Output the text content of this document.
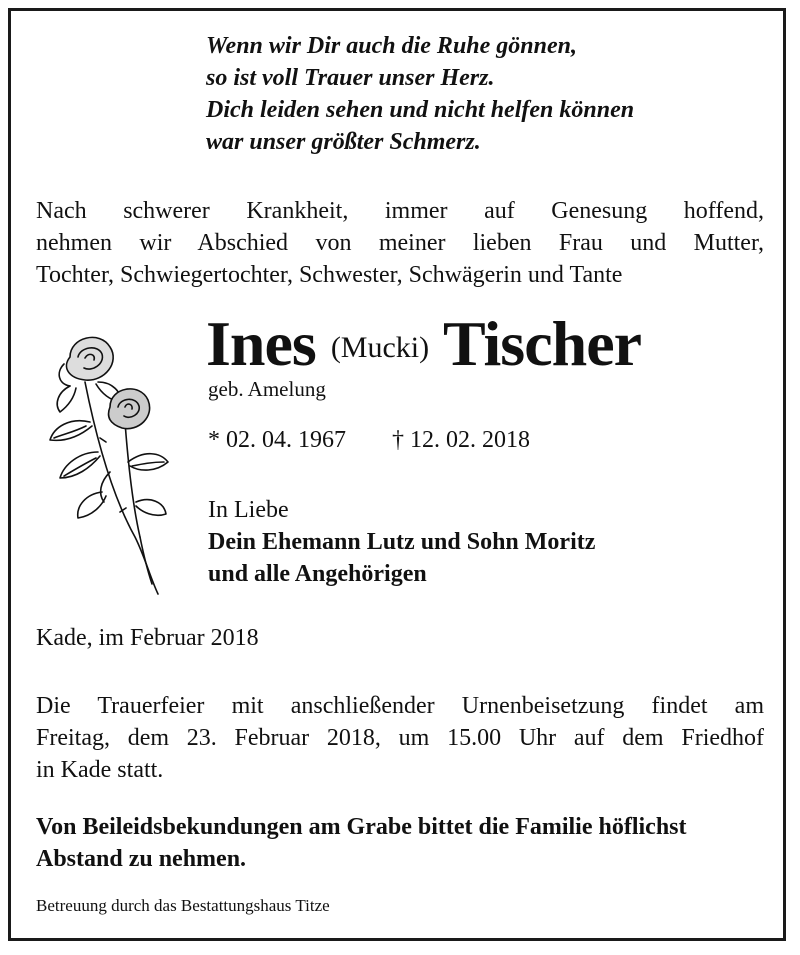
Wenn wir Dir auch die Ruhe gönnen,
so ist voll Trauer unser Herz.
Dich leiden sehen und nicht helfen können
war unser größter Schmerz.
Nach schwerer Krankheit, immer auf Genesung hoffend,
nehmen wir Abschied von meiner lieben Frau und Mutter,
Tochter, Schwiegertochter, Schwester, Schwägerin und Tante
Ines (Mucki) Tischer
geb. Amelung
* 02. 04. 1967 † 12. 02. 2018
In Liebe
Dein Ehemann Lutz und Sohn Moritz
und alle Angehörigen
Kade, im Februar 2018
Die Trauerfeier mit anschließender Urnenbeisetzung findet am
Freitag, dem 23. Februar 2018, um 15.00 Uhr auf dem Friedhof
in Kade statt.
Von Beileidsbekundungen am Grabe bittet die Familie höflichst
Abstand zu nehmen.
Betreuung durch das Bestattungshaus Titze
